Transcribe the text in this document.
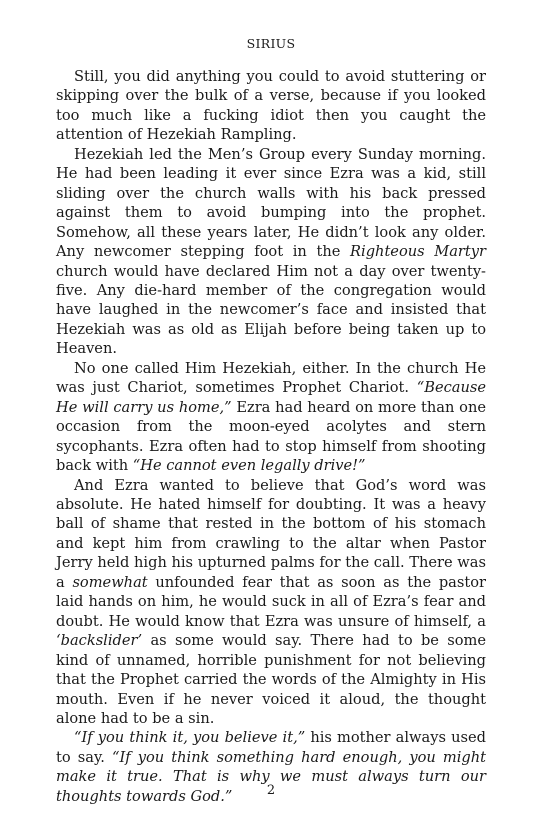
SIRIUS

Still, you did anything you could to avoid stuttering or skipping over the bulk of a verse, because if you looked too much like a fucking idiot then you caught the attention of Hezekiah Rampling.

Hezekiah led the Men’s Group every Sunday morning. He had been leading it ever since Ezra was a kid, still sliding over the church walls with his back pressed against them to avoid bumping into the prophet. Somehow, all these years later, He didn’t look any older. Any newcomer stepping foot in the Righteous Martyr church would have declared Him not a day over twenty-five. Any die-hard member of the congregation would have laughed in the newcomer’s face and insisted that Hezekiah was as old as Elijah before being taken up to Heaven.

No one called Him Hezekiah, either. In the church He was just Chariot, sometimes Prophet Chariot. “Because He will carry us home,” Ezra had heard on more than one occasion from the moon-eyed acolytes and stern sycophants. Ezra often had to stop himself from shooting back with “He cannot even legally drive!”

And Ezra wanted to believe that God’s word was absolute. He hated himself for doubting. It was a heavy ball of shame that rested in the bottom of his stomach and kept him from crawling to the altar when Pastor Jerry held high his upturned palms for the call. There was a somewhat unfounded fear that as soon as the pastor laid hands on him, he would suck in all of Ezra’s fear and doubt. He would know that Ezra was unsure of himself, a ‘backslider’ as some would say. There had to be some kind of unnamed, horrible punishment for not believing that the Prophet carried the words of the Almighty in His mouth. Even if he never voiced it aloud, the thought alone had to be a sin.

“If you think it, you believe it,” his mother always used to say. “If you think something hard enough, you might make it true. That is why we must always turn our thoughts towards God.”	2
